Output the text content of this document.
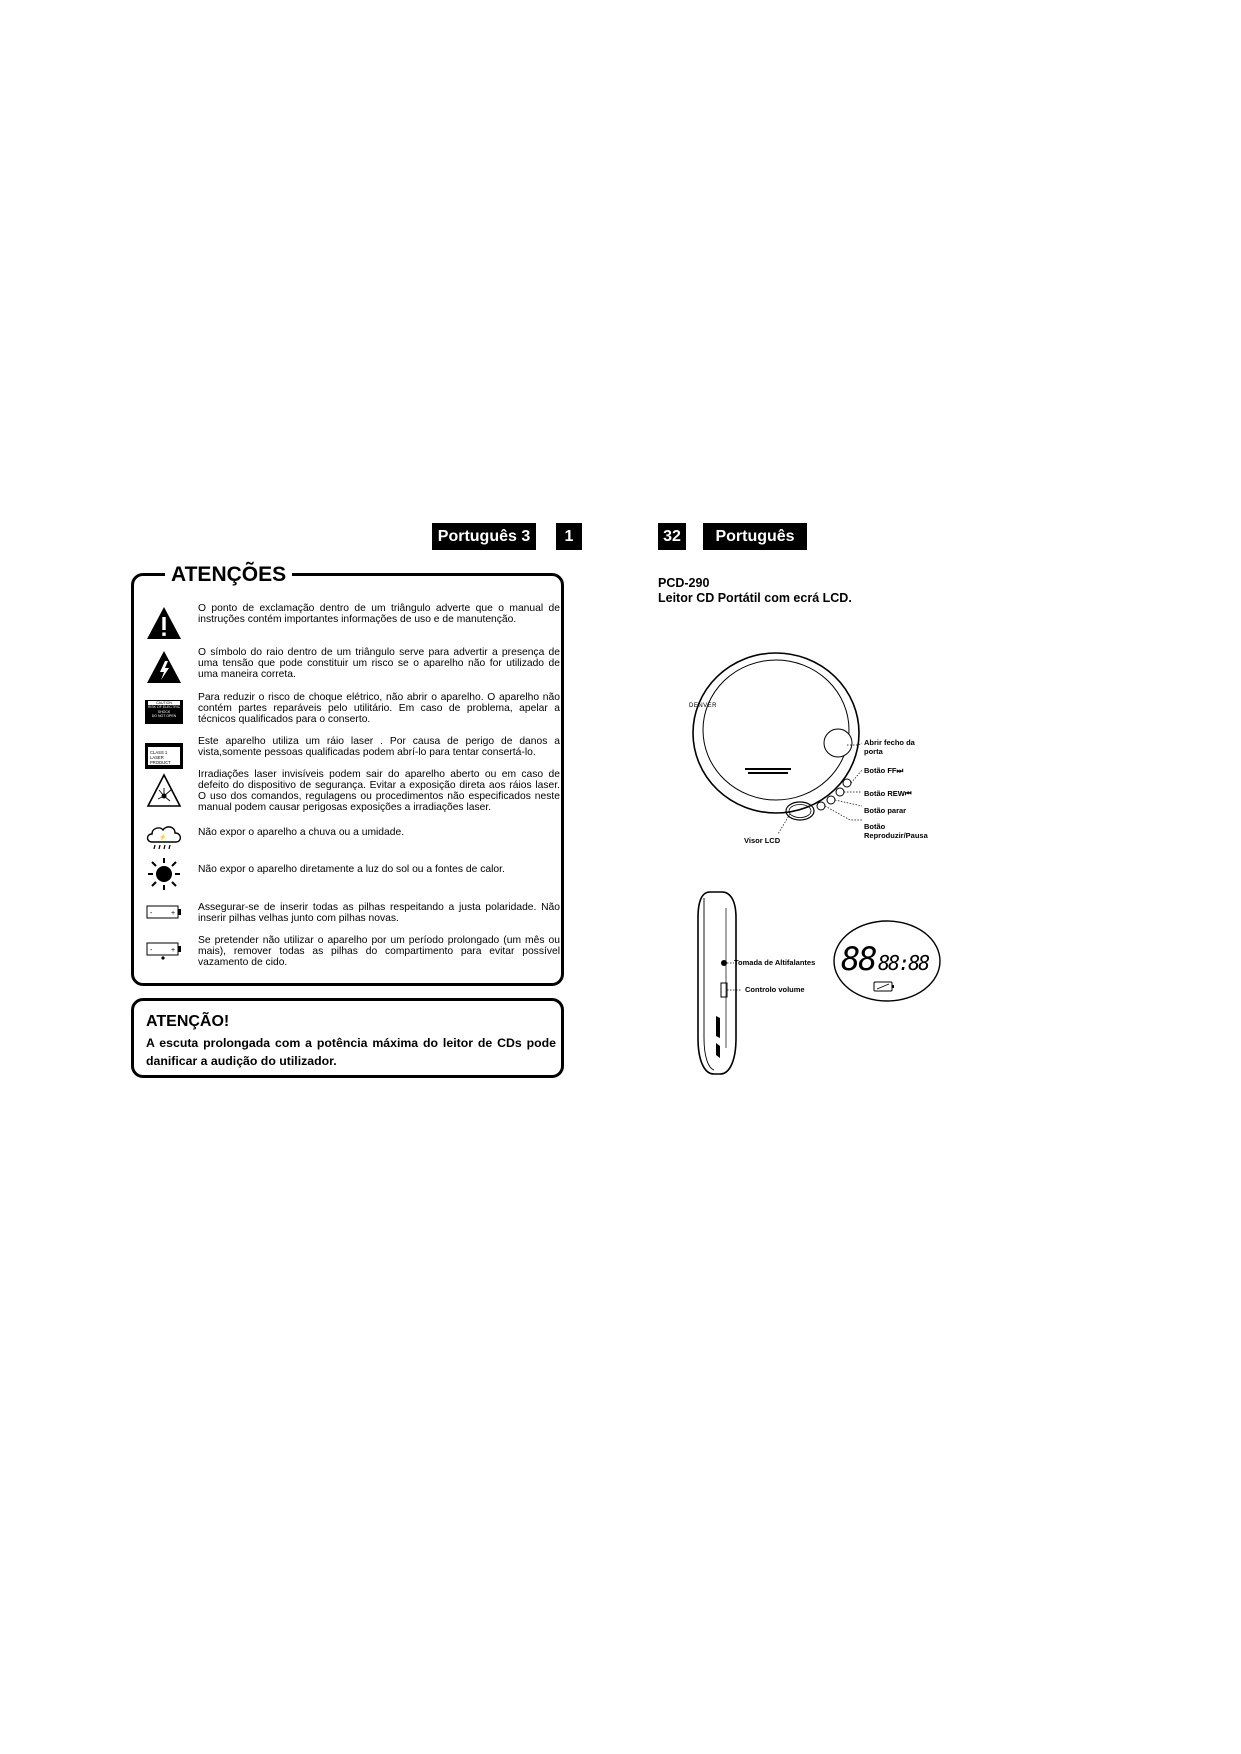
Português 3	1	32	Português
ATENÇÕES
O ponto de exclamação dentro de um triângulo adverte que o manual de instruções contém importantes informações de uso e de manutenção.
O símbolo do raio dentro de um triângulo serve para advertir a presença de uma tensão que pode constituir um risco se o aparelho não for utilizado de uma maneira correta.
CAUTION
RISK OF ELECTRIC
SHOCK
DO NOT OPEN
Para reduzir o risco de choque elétrico, não abrir o aparelho. O aparelho não contém partes reparáveis pelo utilitário. Em caso de problema, apelar a técnicos qualificados para o conserto.
CLASS 1
LASER PRODUCT
Este aparelho utiliza um ráio laser . Por causa de perigo de danos a vista,somente pessoas qualificadas podem abrí-lo para tentar consertá-lo.
Irradiações laser invisíveis podem sair do aparelho aberto ou em caso de defeito do dispositivo de segurança. Evitar a exposição direta aos ráios laser. O uso dos comandos, regulagens ou procedimentos não especificados neste manual podem causar perigosas exposições a irradiações laser.
⚡	Não expor o aparelho a chuva ou a umidade.
Não expor o aparelho diretamente a luz do sol ou a fontes de calor.
-	+
Assegurar-se de inserir todas as pilhas respeitando a justa polaridade. Não inserir pilhas velhas junto com pilhas novas.
-	+
Se pretender não utilizar o aparelho por um período prolongado (um mês ou mais), remover todas as pilhas do compartimento para evitar possível vazamento de cido.
ATENÇÃO!
A escuta prolongada com a potência máxima do leitor de CDs pode danificar a audição do utilizador.
PCD-290
Leitor CD Portátil com ecrá LCD.
DENVER
Abrir fecho da
porta
Botão FF⏭
Botão REW⏮
Botão parar
Botão
Reproduzir/Pausa
Visor LCD
Tomada de Altifalantes
Controlo volume
88 88:88
